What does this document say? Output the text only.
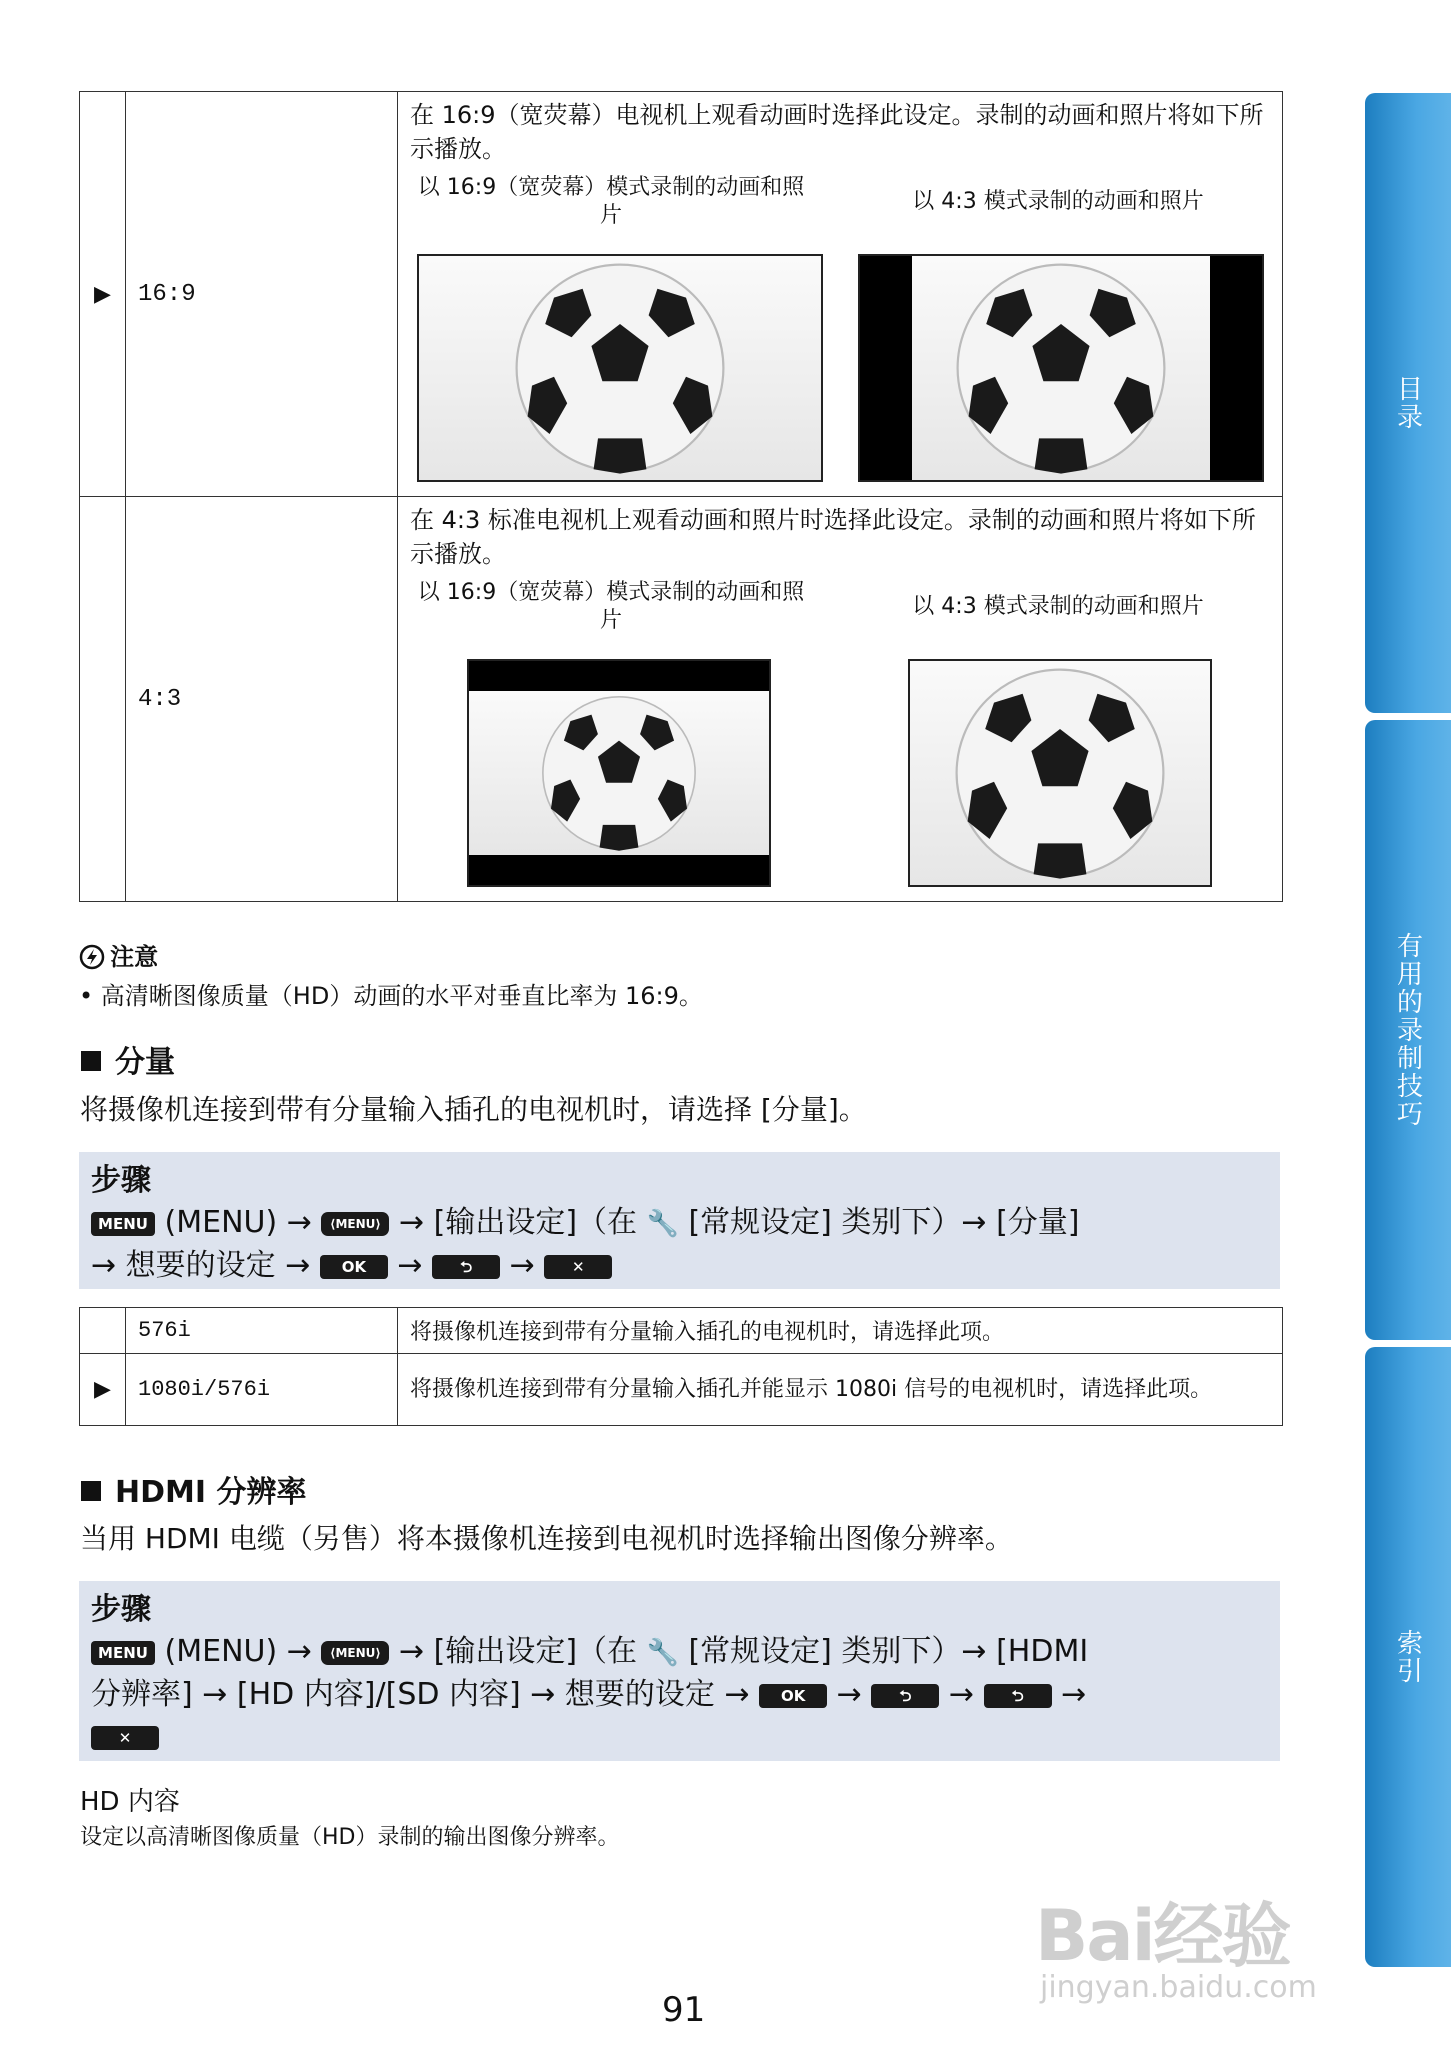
▶	16:9	在 16:9（宽荧幕）电视机上观看动画时选择此设定。录制的动画和照片将如下所示播放。
以 16:9（宽荧幕）模式录制的动画和照片
以 4:3 模式录制的动画和照片

	4:3	在 4:3 标准电视机上观看动画和照片时选择此设定。录制的动画和照片将如下所示播放。
以 16:9（宽荧幕）模式录制的动画和照片
以 4:3 模式录制的动画和照片
注意
• 高清晰图像质量（HD）动画的水平对垂直比率为 16:9。
分量
将摄像机连接到带有分量输入插孔的电视机时，请选择 [分量]。
步骤
MENU (MENU) → ⟨MENU⟩ → [输出设定]（在 🔧 [常规设定] 类别下）→ [分量]
→ 想要的设定 → OK → ⮌ → ✕
	576i	将摄像机连接到带有分量输入插孔的电视机时，请选择此项。
▶	1080i/576i	将摄像机连接到带有分量输入插孔并能显示 1080i 信号的电视机时，请选择此项。
HDMI 分辨率
当用 HDMI 电缆（另售）将本摄像机连接到电视机时选择输出图像分辨率。
步骤
MENU (MENU) → ⟨MENU⟩ → [输出设定]（在 🔧 [常规设定] 类别下）→ [HDMI
分辨率] → [HD 内容]/[SD 内容] → 想要的设定 → OK → ⮌ → ⮌ →
✕
HD 内容
设定以高清晰图像质量（HD）录制的输出图像分辨率。
目录
有用的录制技巧
索引
91
Bai经验
jingyan.baidu.com
